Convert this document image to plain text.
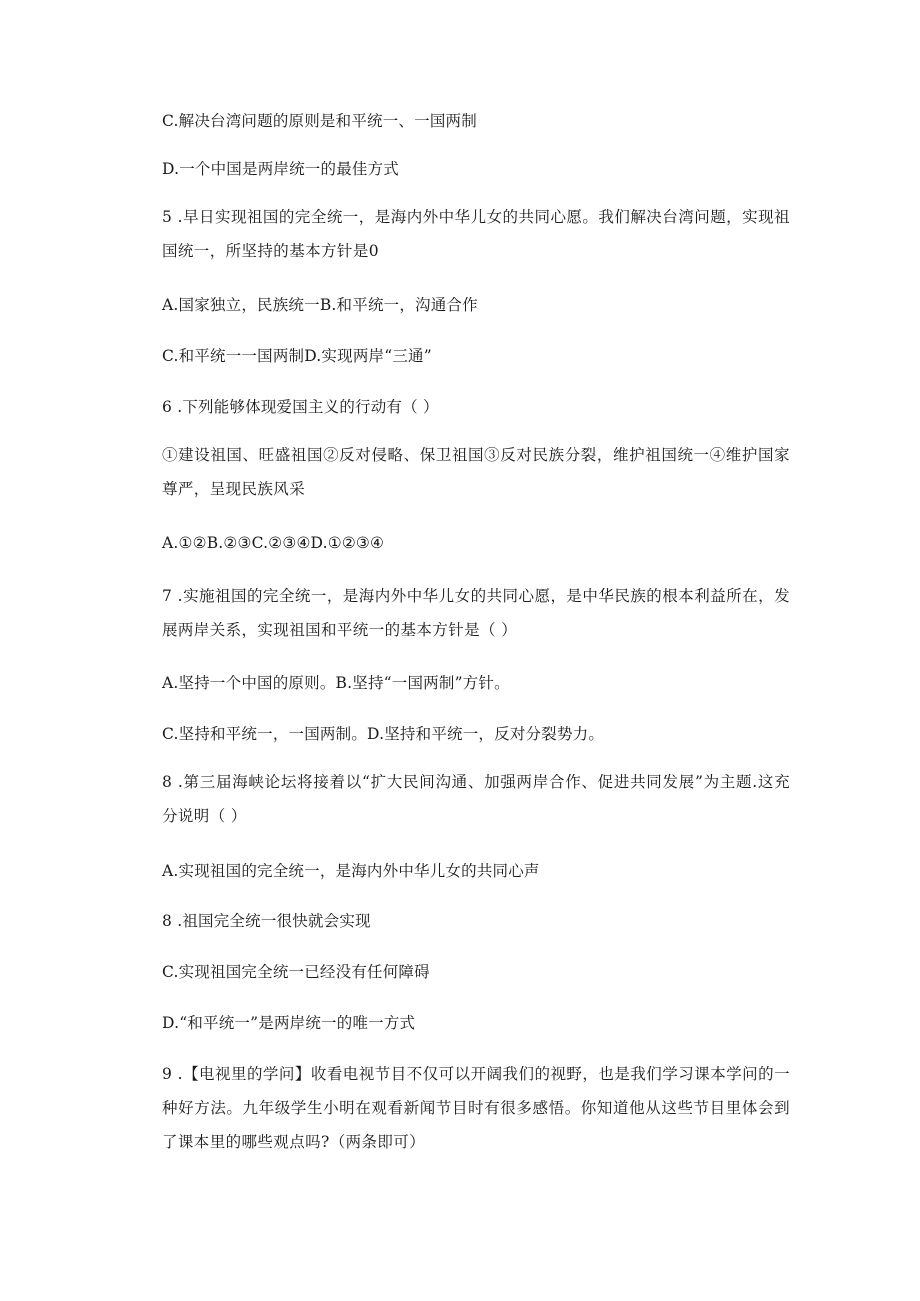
C.解决台湾问题的原则是和平统一、一国两制
D.一个中国是两岸统一的最佳方式
5 .早日实现祖国的完全统一，是海内外中华儿女的共同心愿。我们解决台湾问题，实现祖国统一，所坚持的基本方针是0
A.国家独立，民族统一B.和平统一，沟通合作
C.和平统一一国两制D.实现两岸“三通”
6 .下列能够体现爱国主义的行动有（ ）
①建设祖国、旺盛祖国②反对侵略、保卫祖国③反对民族分裂，维护祖国统一④维护国家尊严，呈现民族风采
A.①②B.②③C.②③④D.①②③④
7 .实施祖国的完全统一，是海内外中华儿女的共同心愿，是中华民族的根本利益所在，发展两岸关系，实现祖国和平统一的基本方针是（ ）
A.坚持一个中国的原则。B.坚持“一国两制”方针。
C.坚持和平统一，一国两制。D.坚持和平统一，反对分裂势力。
8 .第三届海峡论坛将接着以“扩大民间沟通、加强两岸合作、促进共同发展”为主题.这充分说明（ ）
A.实现祖国的完全统一，是海内外中华儿女的共同心声
8 .祖国完全统一很快就会实现
C.实现祖国完全统一已经没有任何障碍
D.“和平统一”是两岸统一的唯一方式
9 .【电视里的学问】收看电视节目不仅可以开阔我们的视野，也是我们学习课本学问的一种好方法。九年级学生小明在观看新闻节目时有很多感悟。你知道他从这些节目里体会到了课本里的哪些观点吗?（两条即可）
